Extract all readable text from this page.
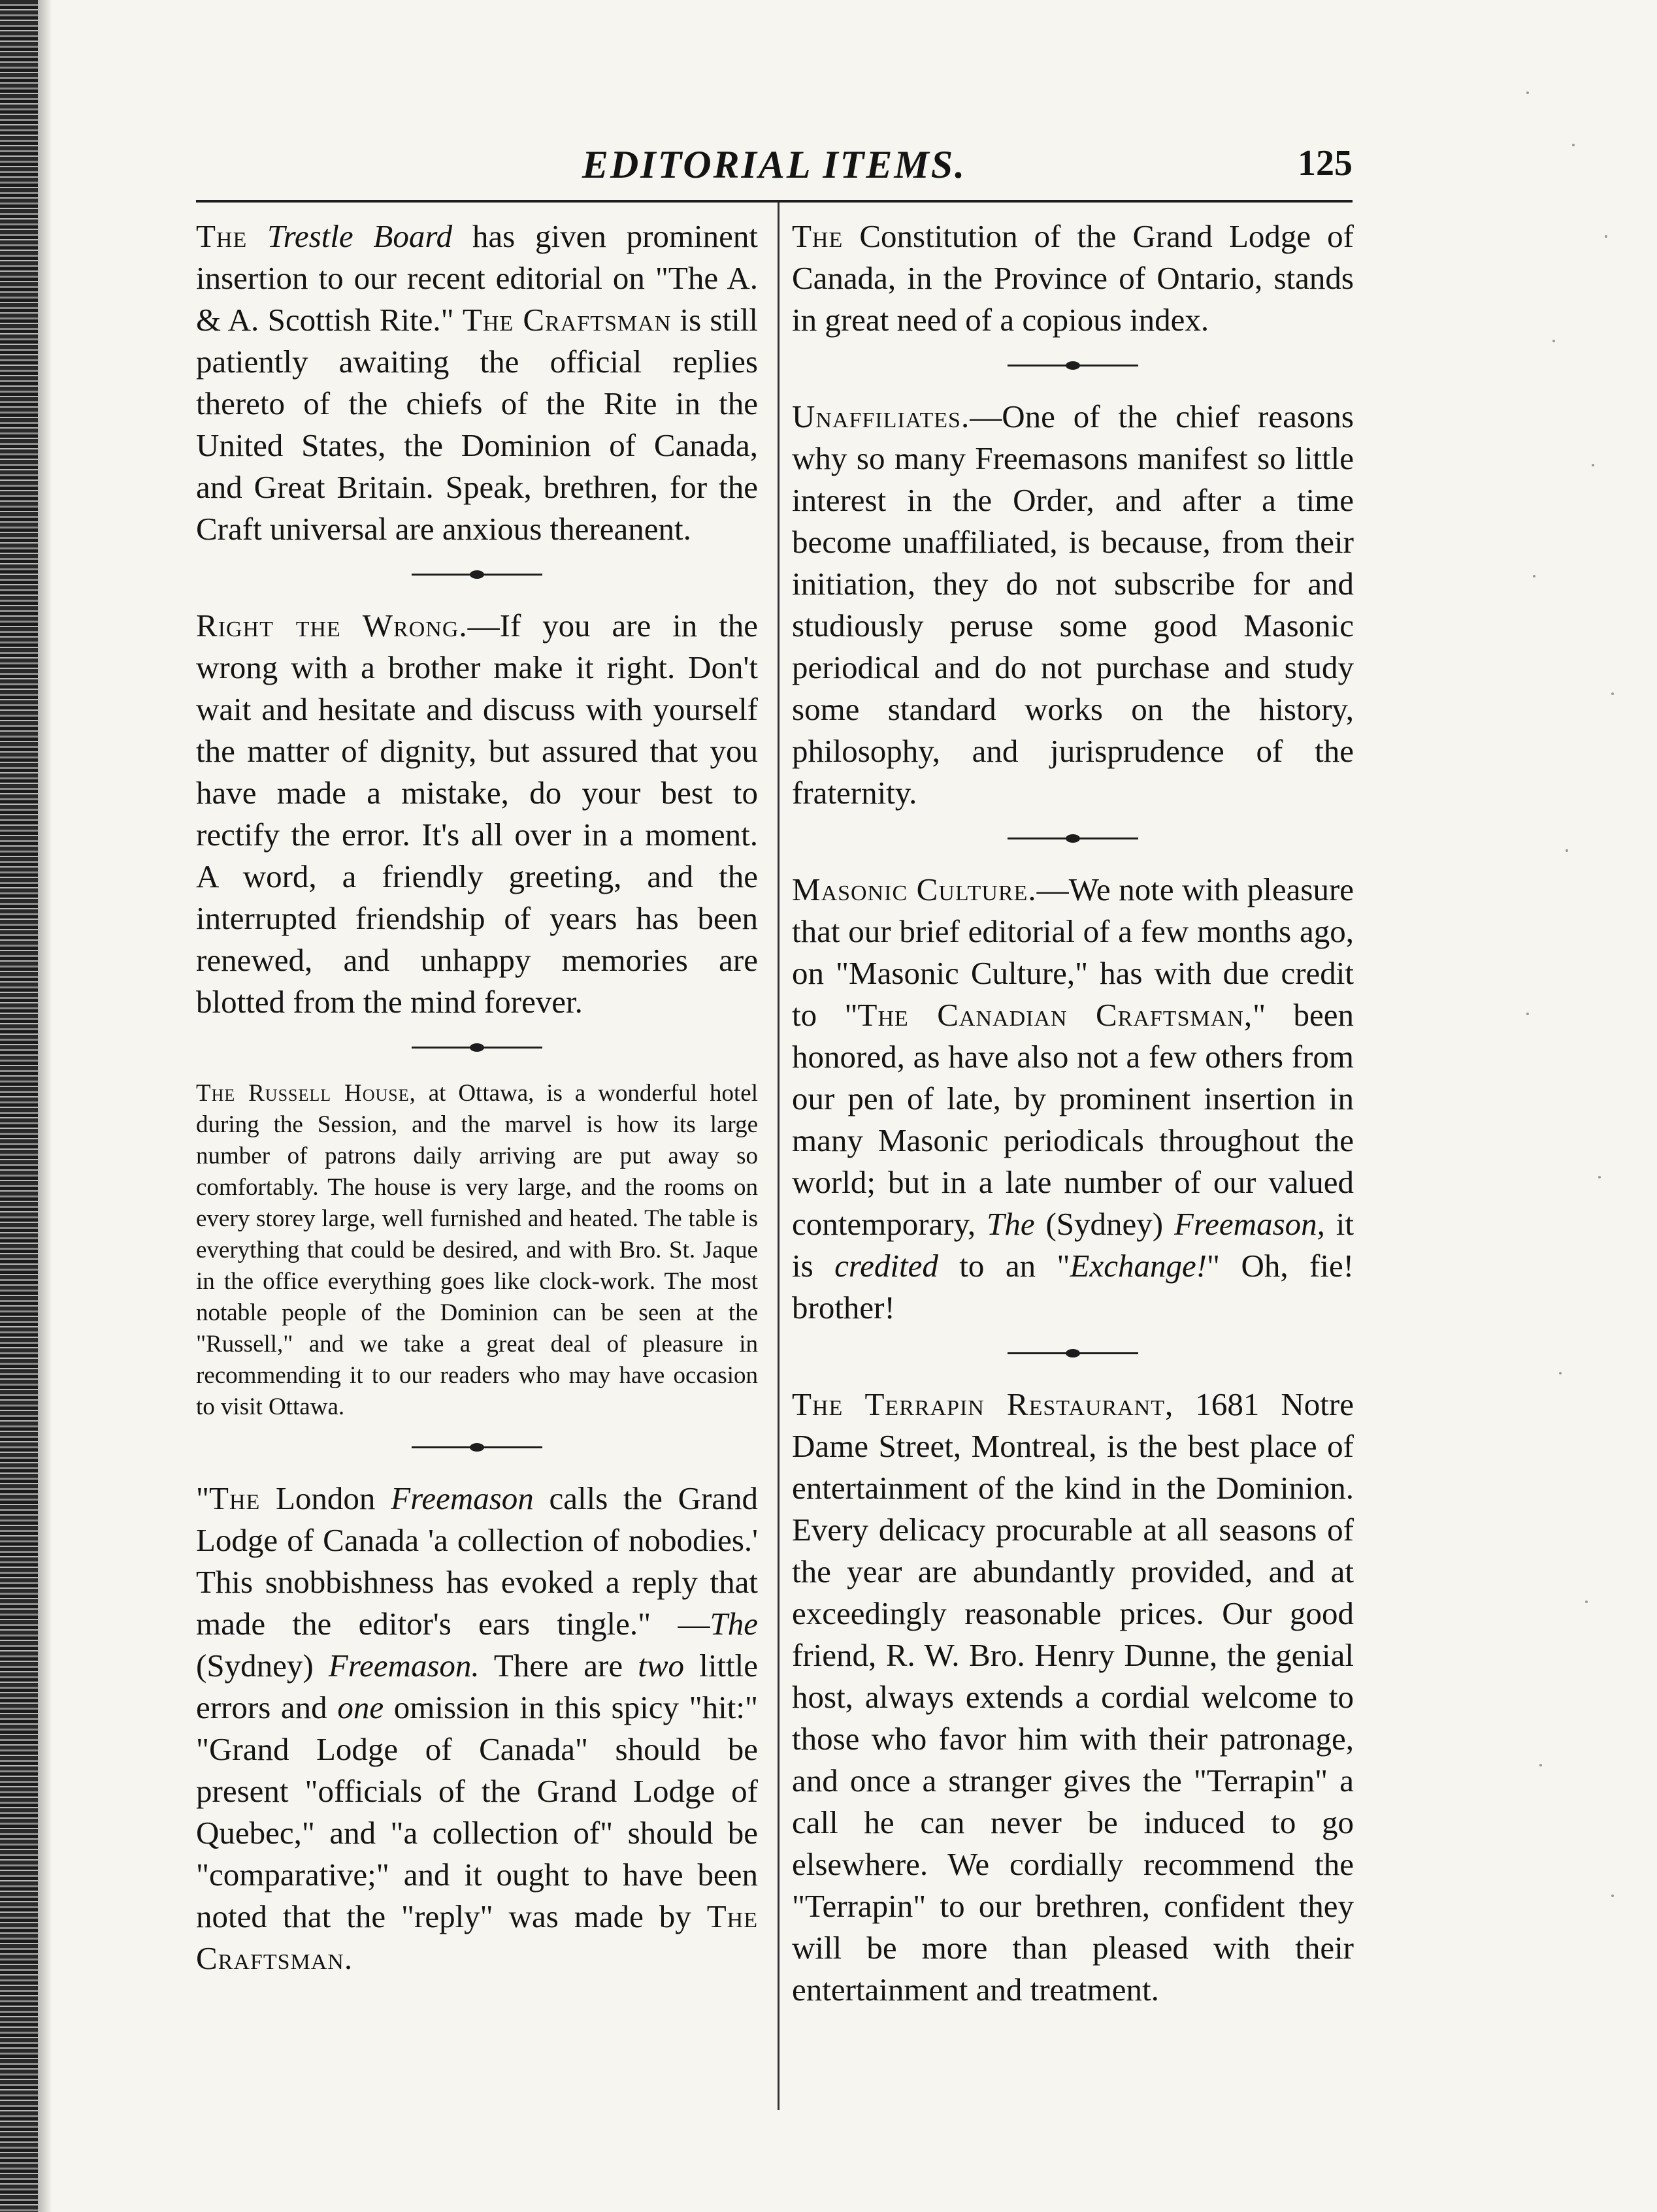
EDITORIAL ITEMS.	125

The Trestle Board has given prominent insertion to our recent editorial on "The A. & A. Scottish Rite." The Craftsman is still patiently awaiting the official replies thereto of the chiefs of the Rite in the United States, the Dominion of Canada, and Great Britain. Speak, brethren, for the Craft universal are anxious thereanent.

Right the Wrong.—If you are in the wrong with a brother make it right. Don't wait and hesitate and discuss with yourself the matter of dignity, but assured that you have made a mistake, do your best to rectify the error. It's all over in a moment. A word, a friendly greeting, and the interrupted friendship of years has been renewed, and unhappy memories are blotted from the mind forever.

The Russell House, at Ottawa, is a wonderful hotel during the Session, and the marvel is how its large number of patrons daily arriving are put away so comfortably. The house is very large, and the rooms on every storey large, well furnished and heated. The table is everything that could be desired, and with Bro. St. Jaque in the office everything goes like clock-work. The most notable people of the Dominion can be seen at the "Russell," and we take a great deal of pleasure in recommending it to our readers who may have occasion to visit Ottawa.

"The London Freemason calls the Grand Lodge of Canada 'a collection of nobodies.' This snobbishness has evoked a reply that made the editor's ears tingle." —The (Sydney) Freemason. There are two little errors and one omission in this spicy "hit:" "Grand Lodge of Canada" should be present "officials of the Grand Lodge of Quebec," and "a collection of" should be "comparative;" and it ought to have been noted that the "reply" was made by The Craftsman.

The Constitution of the Grand Lodge of Canada, in the Province of Ontario, stands in great need of a copious index.

Unaffiliates.—One of the chief reasons why so many Freemasons manifest so little interest in the Order, and after a time become unaffiliated, is because, from their initiation, they do not subscribe for and studiously peruse some good Masonic periodical and do not purchase and study some standard works on the history, philosophy, and jurisprudence of the fraternity.

Masonic Culture.—We note with pleasure that our brief editorial of a few months ago, on "Masonic Culture," has with due credit to "The Canadian Craftsman," been honored, as have also not a few others from our pen of late, by prominent insertion in many Masonic periodicals throughout the world; but in a late number of our valued contemporary, The (Sydney) Freemason, it is credited to an "Exchange!" Oh, fie! brother!

The Terrapin Restaurant, 1681 Notre Dame Street, Montreal, is the best place of entertainment of the kind in the Dominion. Every delicacy procurable at all seasons of the year are abundantly provided, and at exceedingly reasonable prices. Our good friend, R. W. Bro. Henry Dunne, the genial host, always extends a cordial welcome to those who favor him with their patronage, and once a stranger gives the "Terrapin" a call he can never be induced to go elsewhere. We cordially recommend the "Terrapin" to our brethren, confident they will be more than pleased with their entertainment and treatment.
